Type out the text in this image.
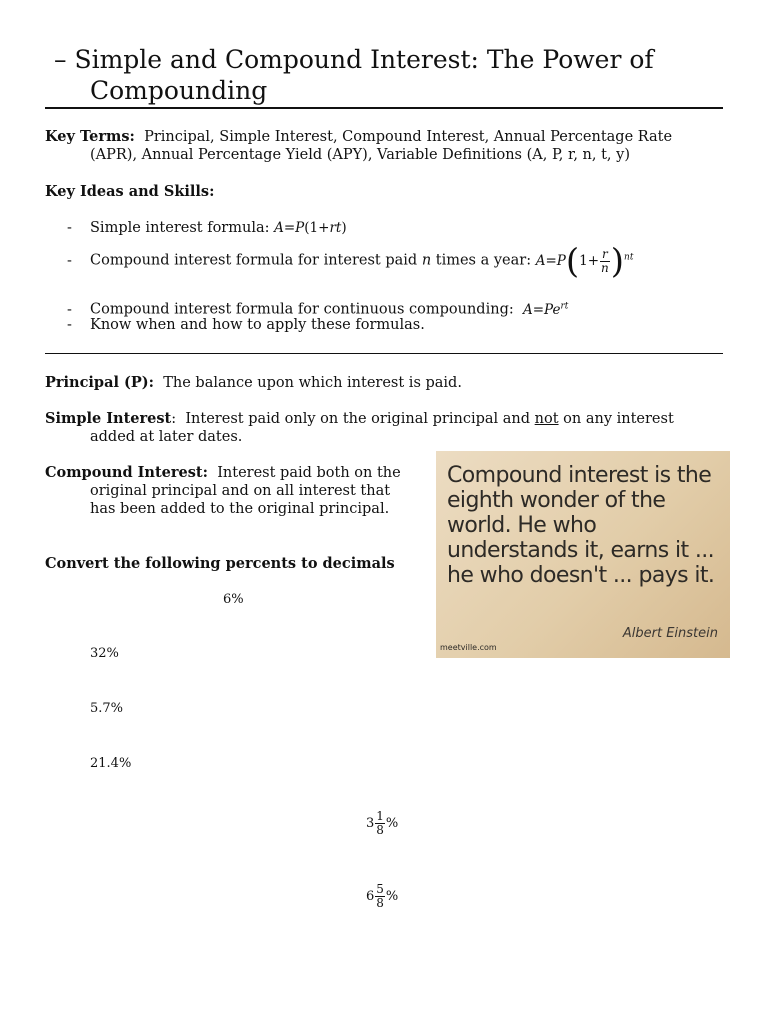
– Simple and Compound Interest: The Power of
Compounding
Key Terms: Principal, Simple Interest, Compound Interest, Annual Percentage Rate
(APR), Annual Percentage Yield (APY), Variable Definitions (A, P, r, n, t, y)
Key Ideas and Skills:
- Simple interest formula: A=P(1+rt)
- Compound interest formula for interest paid n times a year: $A=P(1+ \frac{r}{n} )^{nt}$
- Compound interest formula for continuous compounding: $A=Pe^{rt}$
- Know when and how to apply these formulas.
Principal (P): The balance upon which interest is paid.
Simple Interest: Interest paid only on the original principal and not on any interest
added at later dates.
Compound Interest: Interest paid both on the
original principal and on all interest that
has been added to the original principal.
Convert the following percents to decimals
6%
32%
5.7%
21.4%
$3 \frac{1}{8}$ %
$6 \frac{5}{8}$ %
Compound interest is the eighth wonder of the world. He who understands it, earns it ... he who doesn't ... pays it.
Albert Einstein
meetville.com
